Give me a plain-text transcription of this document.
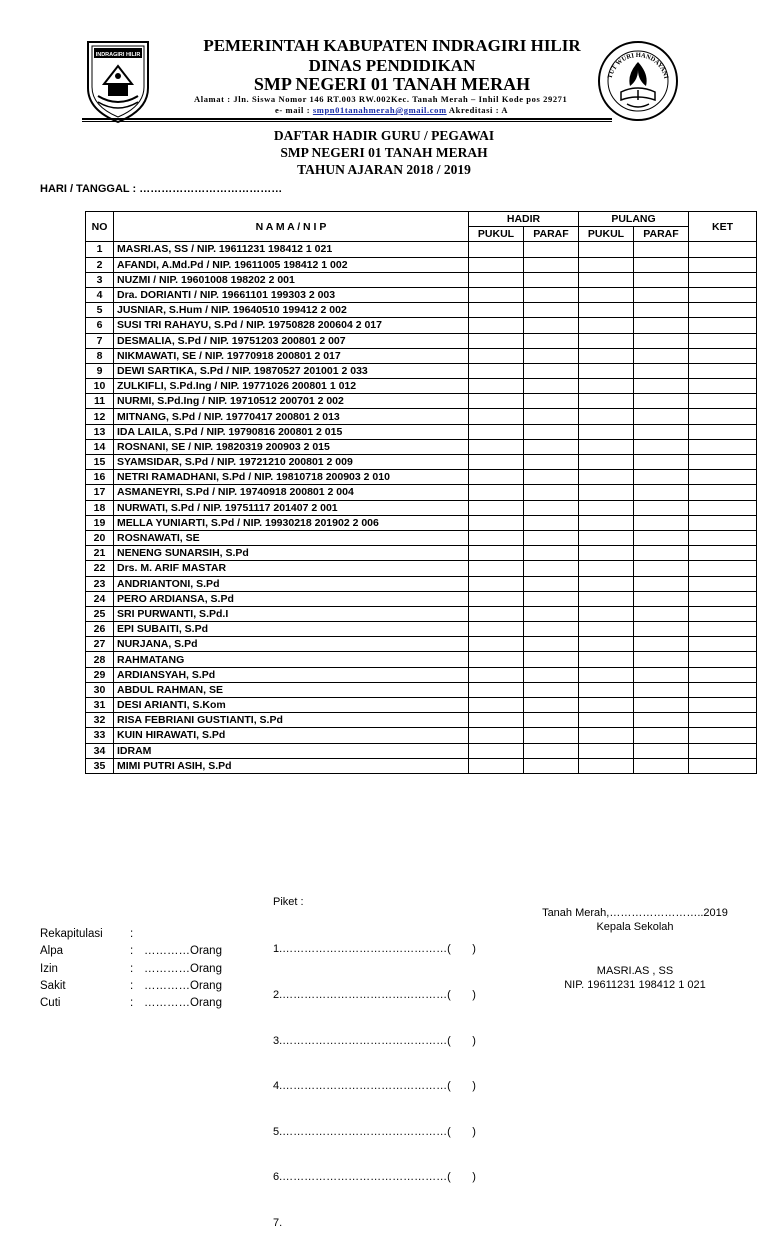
INDRAGIRI HILIR	PEMERINTAH KABUPATEN INDRAGIRI HILIR
DINAS PENDIDIKAN
SMP NEGERI 01 TANAH MERAH
Alamat : Jln. Siswa Nomor 146 RT.003 RW.002Kec. Tanah Merah – Inhil Kode pos 29271
e- mail : smpn01tanahmerah@gmail.com Akreditasi : A
TUT WURI HANDAYANI
DAFTAR HADIR GURU / PEGAWAI
SMP NEGERI 01 TANAH MERAH
TAHUN AJARAN 2018 / 2019
HARI / TANGGAL : …………………………………
NO	N A M A / N I P	HADIR		PULANG		KET
		PUKUL	PARAF	PUKUL	PARAF	
1	MASRI.AS, SS / NIP. 19611231 198412 1 021					
2	AFANDI, A.Md.Pd / NIP. 19611005 198412 1 002					
3	NUZMI / NIP. 19601008 198202 2 001					
4	Dra. DORIANTI / NIP. 19661101 199303 2 003					
5	JUSNIAR, S.Hum / NIP. 19640510 199412 2 002					
6	SUSI TRI RAHAYU, S.Pd / NIP. 19750828 200604 2 017					
7	DESMALIA, S.Pd / NIP. 19751203 200801 2 007					
8	NIKMAWATI, SE / NIP. 19770918 200801 2 017					
9	DEWI SARTIKA, S.Pd / NIP. 19870527 201001 2 033					
10	ZULKIFLI, S.Pd.Ing / NIP. 19771026 200801 1 012					
11	NURMI, S.Pd.Ing / NIP. 19710512 200701 2 002					
12	MITNANG, S.Pd / NIP. 19770417 200801 2 013					
13	IDA LAILA, S.Pd / NIP. 19790816 200801 2 015					
14	ROSNANI, SE / NIP. 19820319 200903 2 015					
15	SYAMSIDAR, S.Pd / NIP. 19721210 200801 2 009					
16	NETRI RAMADHANI, S.Pd / NIP. 19810718 200903 2 010					
17	ASMANEYRI, S.Pd / NIP. 19740918 200801 2 004					
18	NURWATI, S.Pd / NIP. 19751117 201407 2 001					
19	MELLA YUNIARTI, S.Pd / NIP. 19930218 201902 2 006					
20	ROSNAWATI, SE					
21	NENENG SUNARSIH, S.Pd					
22	Drs. M. ARIF MASTAR					
23	ANDRIANTONI, S.Pd					
24	PERO ARDIANSA, S.Pd					
25	SRI PURWANTI, S.Pd.I					
26	EPI SUBAITI, S.Pd					
27	NURJANA, S.Pd					
28	RAHMATANG					
29	ARDIANSYAH, S.Pd					
30	ABDUL RAHMAN, SE					
31	DESI ARIANTI, S.Kom					
32	RISA FEBRIANI GUSTIANTI, S.Pd					
33	KUIN HIRAWATI, S.Pd					
34	IDRAM					
35	MIMI PUTRI ASIH, S.Pd					
Piket :

1.………………………………………(       )

2.………………………………………(       )

3.………………………………………(       )

4.………………………………………(       )

5.………………………………………(       )

6.………………………………………(       )

7.

Rekapitulasi	:
Alpa	: …………Orang
Izin	: …………Orang
Sakit	: …………Orang
Cuti	: …………Orang
Tanah Merah,……………………..2019
Kepala Sekolah
MASRI.AS , SS
NIP. 19611231 198412 1 021
